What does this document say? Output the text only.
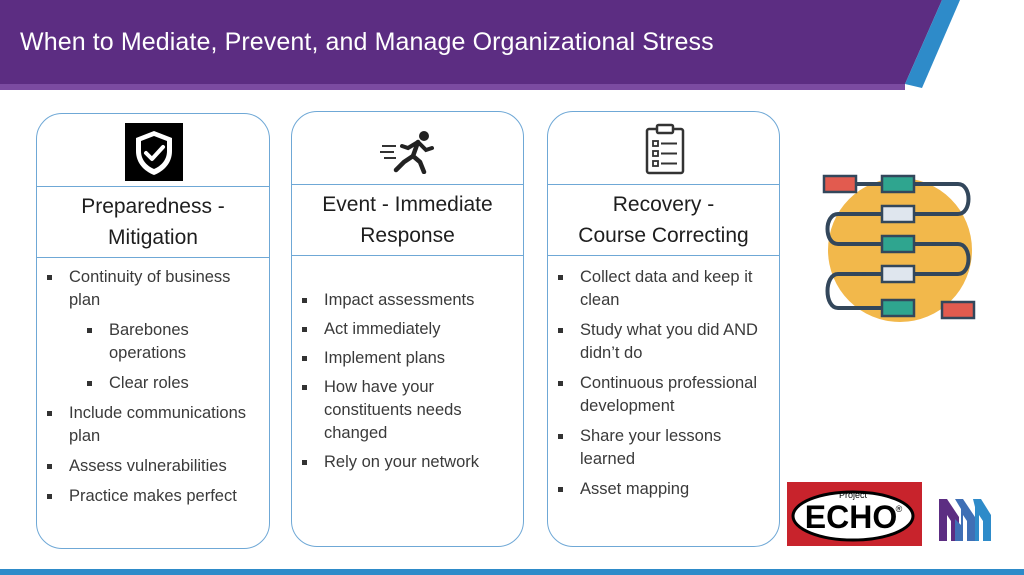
When to Mediate, Prevent, and Manage Organizational Stress
Preparedness -
Mitigation
Continuity of business plan
Barebones operations
Clear roles
Include communications plan
Assess vulnerabilities
Practice makes perfect
Event - Immediate
Response
Impact assessments
Act immediately
Implement plans
How have your constituents needs changed
Rely on your network
Recovery -
Course Correcting
Collect data and keep it clean
Study what you did AND didn’t do
Continuous professional development
Share your lessons learned
Asset mapping	Project
ECHO
®
